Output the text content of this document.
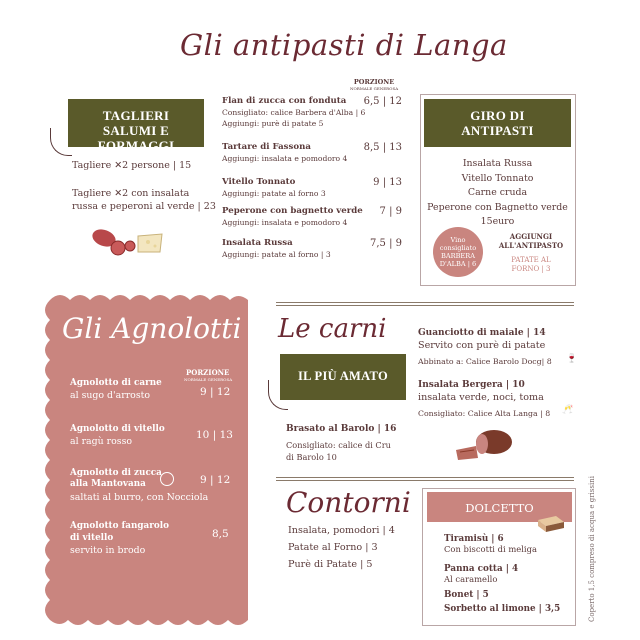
Gli antipasti di Langa
PORZIONE
NORMALE GENEROSA
TAGLIERI SALUMI E FORMAGGI
Tagliere ✕2 persone | 15
Tagliere ✕2 con insalata
russa e peperoni al verde | 23
Flan di zucca con fonduta 6,5 | 12
Consigliato: calice Barbera d'Alba | 6
Aggiungi: purè di patate 5
Tartare di Fassona	8,5 | 13
Aggiungi: insalata e pomodoro 4
Vitello Tonnato	9 | 13
Aggiungi: patate al forno 3
Peperone con bagnetto verde 7 | 9
Aggiungi: insalata e pomodoro 4
Insalata Russa	7,5 | 9
Aggiungi: patate al forno | 3
GIRO DI ANTIPASTI
Insalata Russa
Vitello Tonnato
Carne cruda
Peperone con Bagnetto verde
15euro
Vino consigliato BARBERA D'ALBA | 6
AGGIUNGI ALL'ANTIPASTO
PATATE AL FORNO | 3
Gli Agnolotti
PORZIONE
NORMALE GENEROSA
Agnolotto di carne
al sugo d'arrosto	9 | 12
Agnolotto di vitello
al ragù rosso
10 | 13
Agnolotto di zucca alla Mantovana
saltati al burro, con Nocciola
9 | 12
Agnolotto fangarolo di vitello
servito in brodo
8,5
Le carni
IL PIÙ AMATO
Brasato al Barolo | 16
Consigliato: calice di Cru
di Barolo 10
Guanciotto di maiale | 14
Servito con purè di patate
Abbinato a: Calice Barolo Docg| 8 🍷
Insalata Bergera | 10
insalata verde, noci, toma
Consigliato: Calice Alta Langa | 8 🥂
Contorni
Insalata, pomodori | 4
Patate al Forno | 3
Purè di Patate | 5
DOLCETTO
Tiramisù | 6
Con biscotti di meliga
Panna cotta | 4
Al caramello
Bonet | 5
Sorbetto al limone | 3,5	Coperto 1,5 compreso di acqua e grissini
